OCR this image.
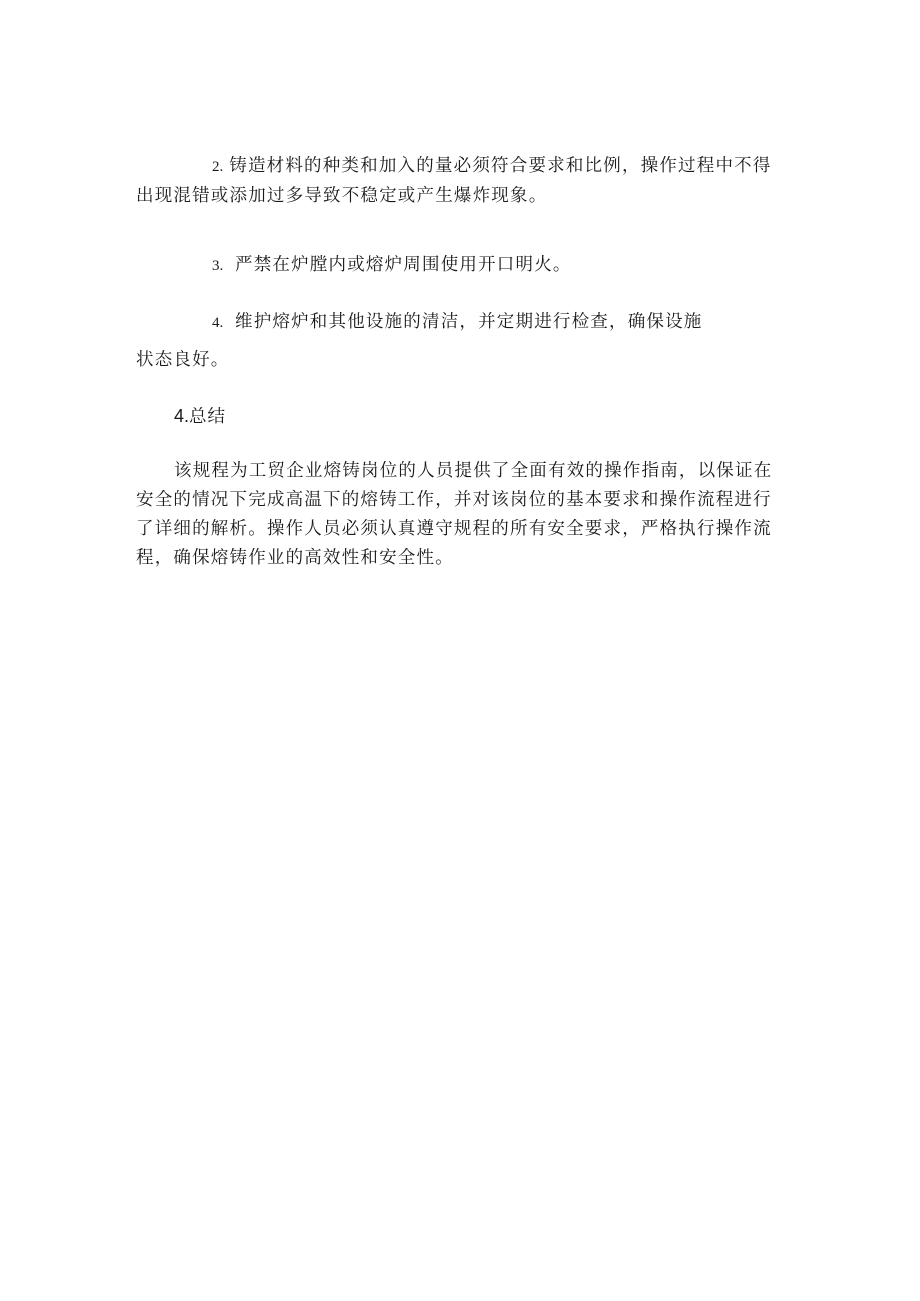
2. 铸造材料的种类和加入的量必须符合要求和比例，操作过程中不得出现混错或添加过多导致不稳定或产生爆炸现象。

3. 严禁在炉膛内或熔炉周围使用开口明火。

4. 维护熔炉和其他设施的清洁，并定期进行检查，确保设施

状态良好。

4.总结

该规程为工贸企业熔铸岗位的人员提供了全面有效的操作指南，以保证在安全的情况下完成高温下的熔铸工作，并对该岗位的基本要求和操作流程进行了详细的解析。操作人员必须认真遵守规程的所有安全要求，严格执行操作流程，确保熔铸作业的高效性和安全性。
